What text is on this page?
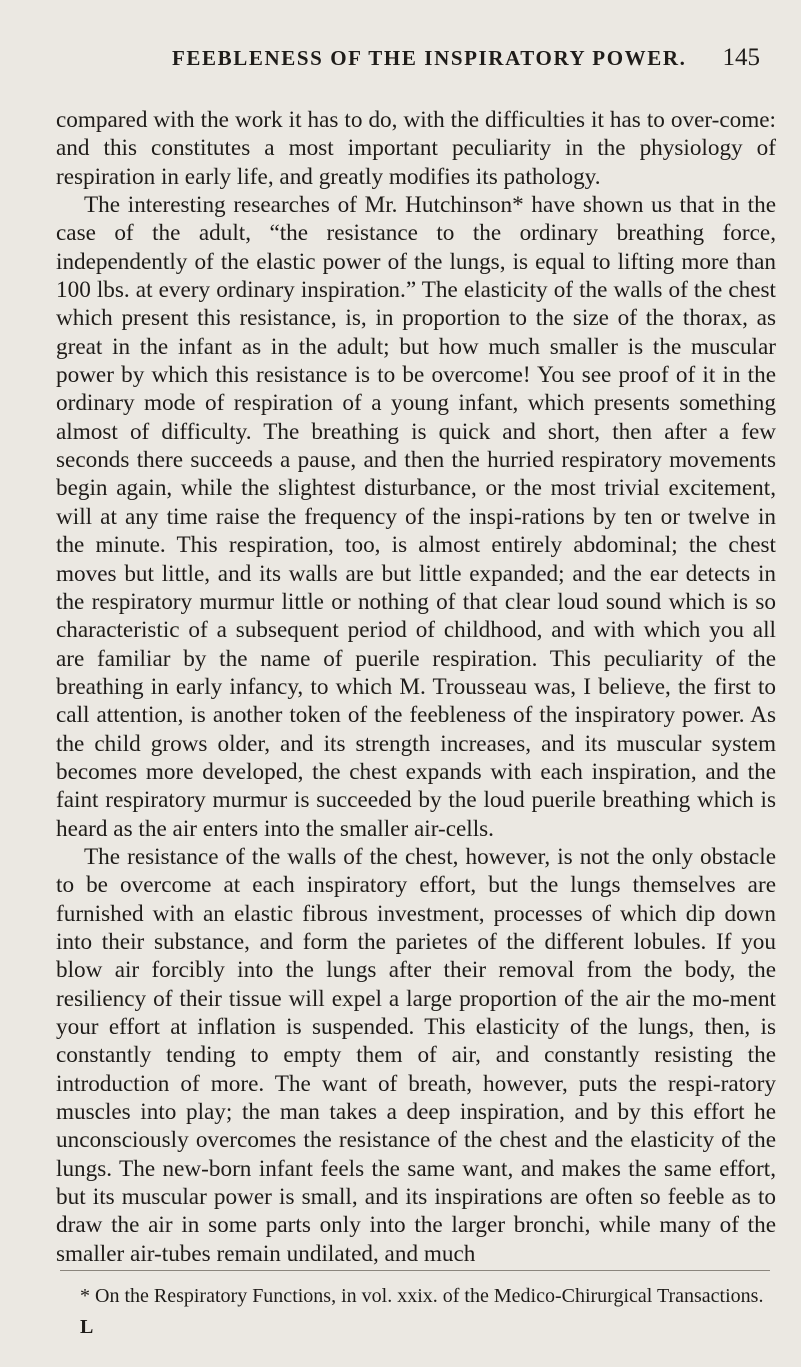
FEEBLENESS OF THE INSPIRATORY POWER. 145

compared with the work it has to do, with the difficulties it has to over-come: and this constitutes a most important peculiarity in the physiology of respiration in early life, and greatly modifies its pathology.

The interesting researches of Mr. Hutchinson* have shown us that in the case of the adult, “the resistance to the ordinary breathing force, independently of the elastic power of the lungs, is equal to lifting more than 100 lbs. at every ordinary inspiration.” The elasticity of the walls of the chest which present this resistance, is, in proportion to the size of the thorax, as great in the infant as in the adult; but how much smaller is the muscular power by which this resistance is to be overcome! You see proof of it in the ordinary mode of respiration of a young infant, which presents something almost of difficulty. The breathing is quick and short, then after a few seconds there succeeds a pause, and then the hurried respiratory movements begin again, while the slightest disturbance, or the most trivial excitement, will at any time raise the frequency of the inspi-rations by ten or twelve in the minute. This respiration, too, is almost entirely abdominal; the chest moves but little, and its walls are but little expanded; and the ear detects in the respiratory murmur little or nothing of that clear loud sound which is so characteristic of a subsequent period of childhood, and with which you all are familiar by the name of puerile respiration. This peculiarity of the breathing in early infancy, to which M. Trousseau was, I believe, the first to call attention, is another token of the feebleness of the inspiratory power. As the child grows older, and its strength increases, and its muscular system becomes more developed, the chest expands with each inspiration, and the faint respiratory murmur is succeeded by the loud puerile breathing which is heard as the air enters into the smaller air-cells.

The resistance of the walls of the chest, however, is not the only obstacle to be overcome at each inspiratory effort, but the lungs themselves are furnished with an elastic fibrous investment, processes of which dip down into their substance, and form the parietes of the different lobules. If you blow air forcibly into the lungs after their removal from the body, the resiliency of their tissue will expel a large proportion of the air the mo-ment your effort at inflation is suspended. This elasticity of the lungs, then, is constantly tending to empty them of air, and constantly resisting the introduction of more. The want of breath, however, puts the respi-ratory muscles into play; the man takes a deep inspiration, and by this effort he unconsciously overcomes the resistance of the chest and the elasticity of the lungs. The new-born infant feels the same want, and makes the same effort, but its muscular power is small, and its inspirations are often so feeble as to draw the air in some parts only into the larger bronchi, while many of the smaller air-tubes remain undilated, and much

* On the Respiratory Functions, in vol. xxix. of the Medico-Chirurgical Transactions.
L
